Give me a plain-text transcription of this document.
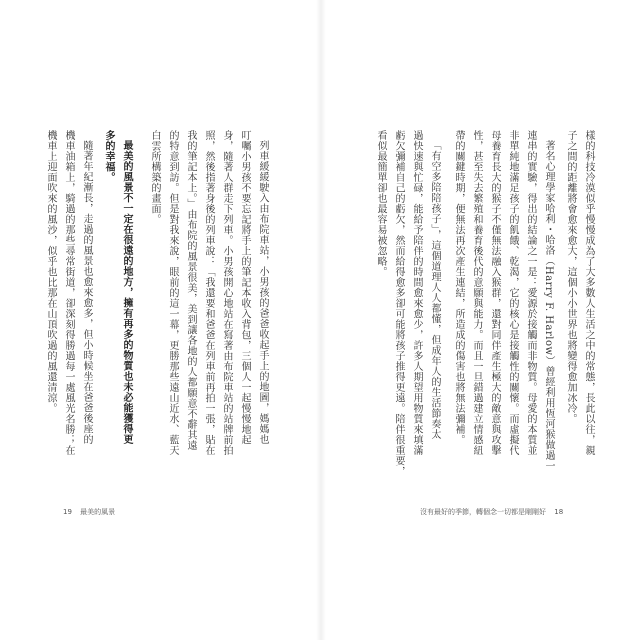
樣的科技冷漠似乎慢慢成為了大多數人生活之中的常態，長此以往，親
子之間的距離將會愈來愈大，這個小小世界也將變得愈加冰冷。
著名心理學家哈利・哈洛（Harry F. Harlow）曾經利用恆河猴做過一
連串的實驗，得出的結論之一是：愛源於接觸而非物質。母愛的本質並
非單純地滿足孩子的飢餓、乾渴，它的核心是接觸性的關懷。而虛擬代
母養育長大的猴子不僅無法融入猴群，還對同伴產生極大的敵意與攻擊
性，甚至失去繁殖和養育後代的意願與能力。而且一旦錯過建立情感紐
帶的關鍵時期，便無法再次產生連結，所造成的傷害也將無法彌補。
「有空多陪陪孩子」，這個道理人人都懂，但成年人的生活節奏太
過快速與忙碌，能給予陪伴的時間愈來愈少，許多人期望用物質來填滿
虧欠彌補自己的虧欠，然而給得愈多卻可能將孩子推得更遠。陪伴很重要，
看似最簡單卻也最容易被忽略。
列車緩緩駛入由布院車站，小男孩的爸爸收起手上的地圖，媽媽也
叮囑小男孩不要忘記將手上的筆記本收入背包，三個人一起慢慢地起
身，隨著人群走下列車。小男孩開心地站在寫著由布院車站的站牌前拍
照，然後指著身後的列車說：「我還要和爸爸在列車前再拍一張，貼在
我的筆記本上。」由布院的風景很美，美到讓各地的人都願意不辭其遠
的特意到訪。但是對我來說，眼前的這一幕，更勝那些遠山近水、藍天
白雲所構築的畫面。
最美的風景不一定在很遠的地方，擁有再多的物質也未必能獲得更
多的幸福。
隨著年紀漸長，走過的風景也愈來愈多，但小時候坐在爸爸後座的
機車油箱上，騎過的那些尋常街道，卻深刻得勝過每一處風光名勝；在
機車上迎面吹來的風沙，似乎也比那在山頂吹過的風還清涼。
19 最美的風景	沒有最好的季節，轉個念一切都是剛剛好 18
